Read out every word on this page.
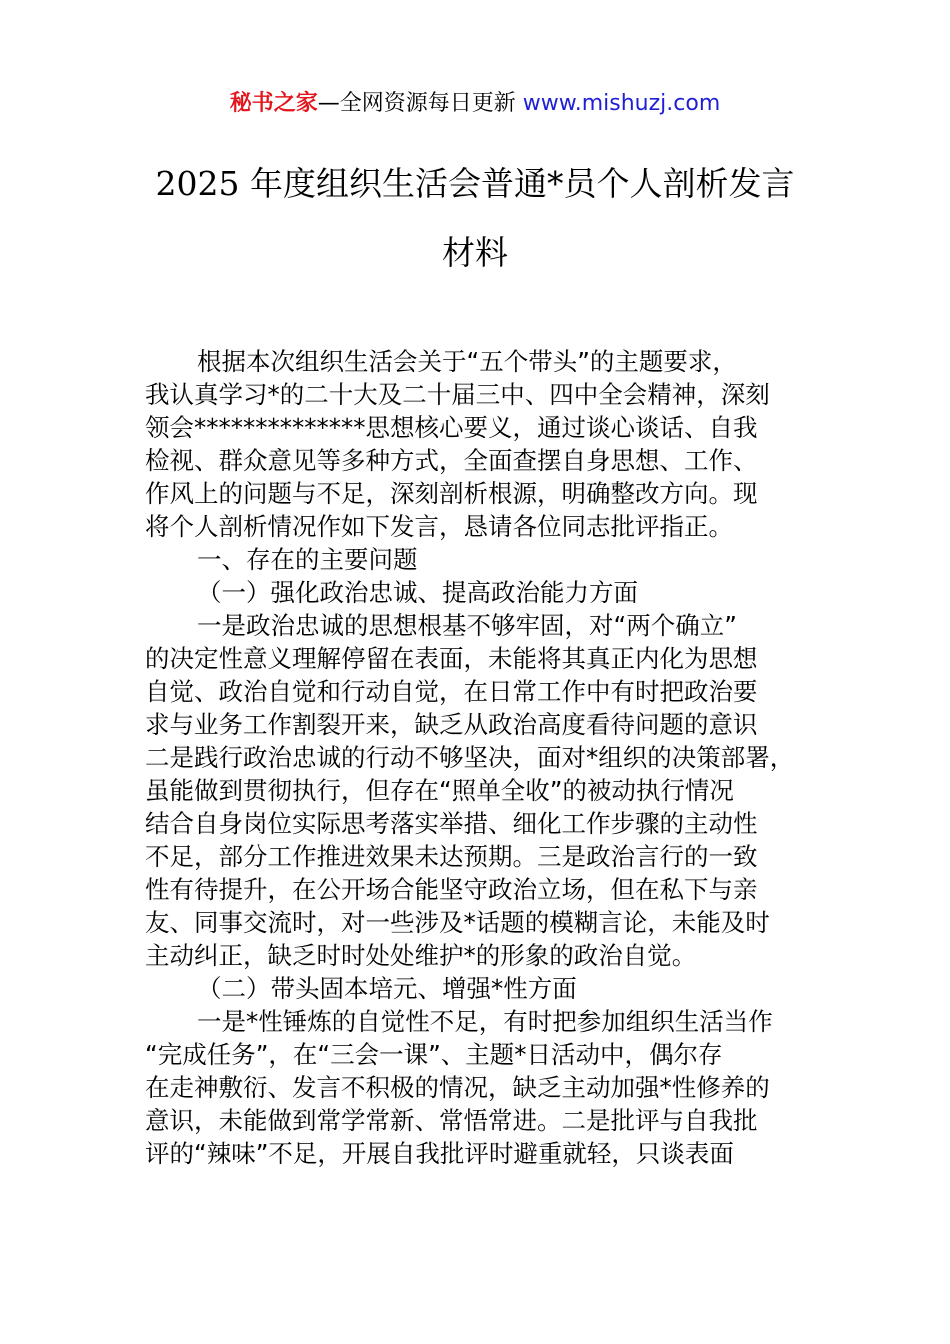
秘书之家—全网资源每日更新 www.mishuzj.com
2025 年度组织生活会普通*员个人剖析发言
材料
根据本次组织生活会关于“五个带头”的主题要求，
我认真学习*的二十大及二十届三中、四中全会精神，深刻
领会**************思想核心要义，通过谈心谈话、自我
检视、群众意见等多种方式，全面查摆自身思想、工作、
作风上的问题与不足，深刻剖析根源，明确整改方向。现
将个人剖析情况作如下发言，恳请各位同志批评指正。
一、存在的主要问题
（一）强化政治忠诚、提高政治能力方面
一是政治忠诚的思想根基不够牢固，对“两个确立”
的决定性意义理解停留在表面，未能将其真正内化为思想
自觉、政治自觉和行动自觉，在日常工作中有时把政治要
求与业务工作割裂开来，缺乏从政治高度看待问题的意识
二是践行政治忠诚的行动不够坚决，面对*组织的决策部署，
虽能做到贯彻执行，但存在“照单全收”的被动执行情况
结合自身岗位实际思考落实举措、细化工作步骤的主动性
不足，部分工作推进效果未达预期。三是政治言行的一致
性有待提升，在公开场合能坚守政治立场，但在私下与亲
友、同事交流时，对一些涉及*话题的模糊言论，未能及时
主动纠正，缺乏时时处处维护*的形象的政治自觉。
（二）带头固本培元、增强*性方面
一是*性锤炼的自觉性不足，有时把参加组织生活当作
“完成任务”，在“三会一课”、主题*日活动中，偶尔存
在走神敷衍、发言不积极的情况，缺乏主动加强*性修养的
意识，未能做到常学常新、常悟常进。二是批评与自我批
评的“辣味”不足，开展自我批评时避重就轻，只谈表面
